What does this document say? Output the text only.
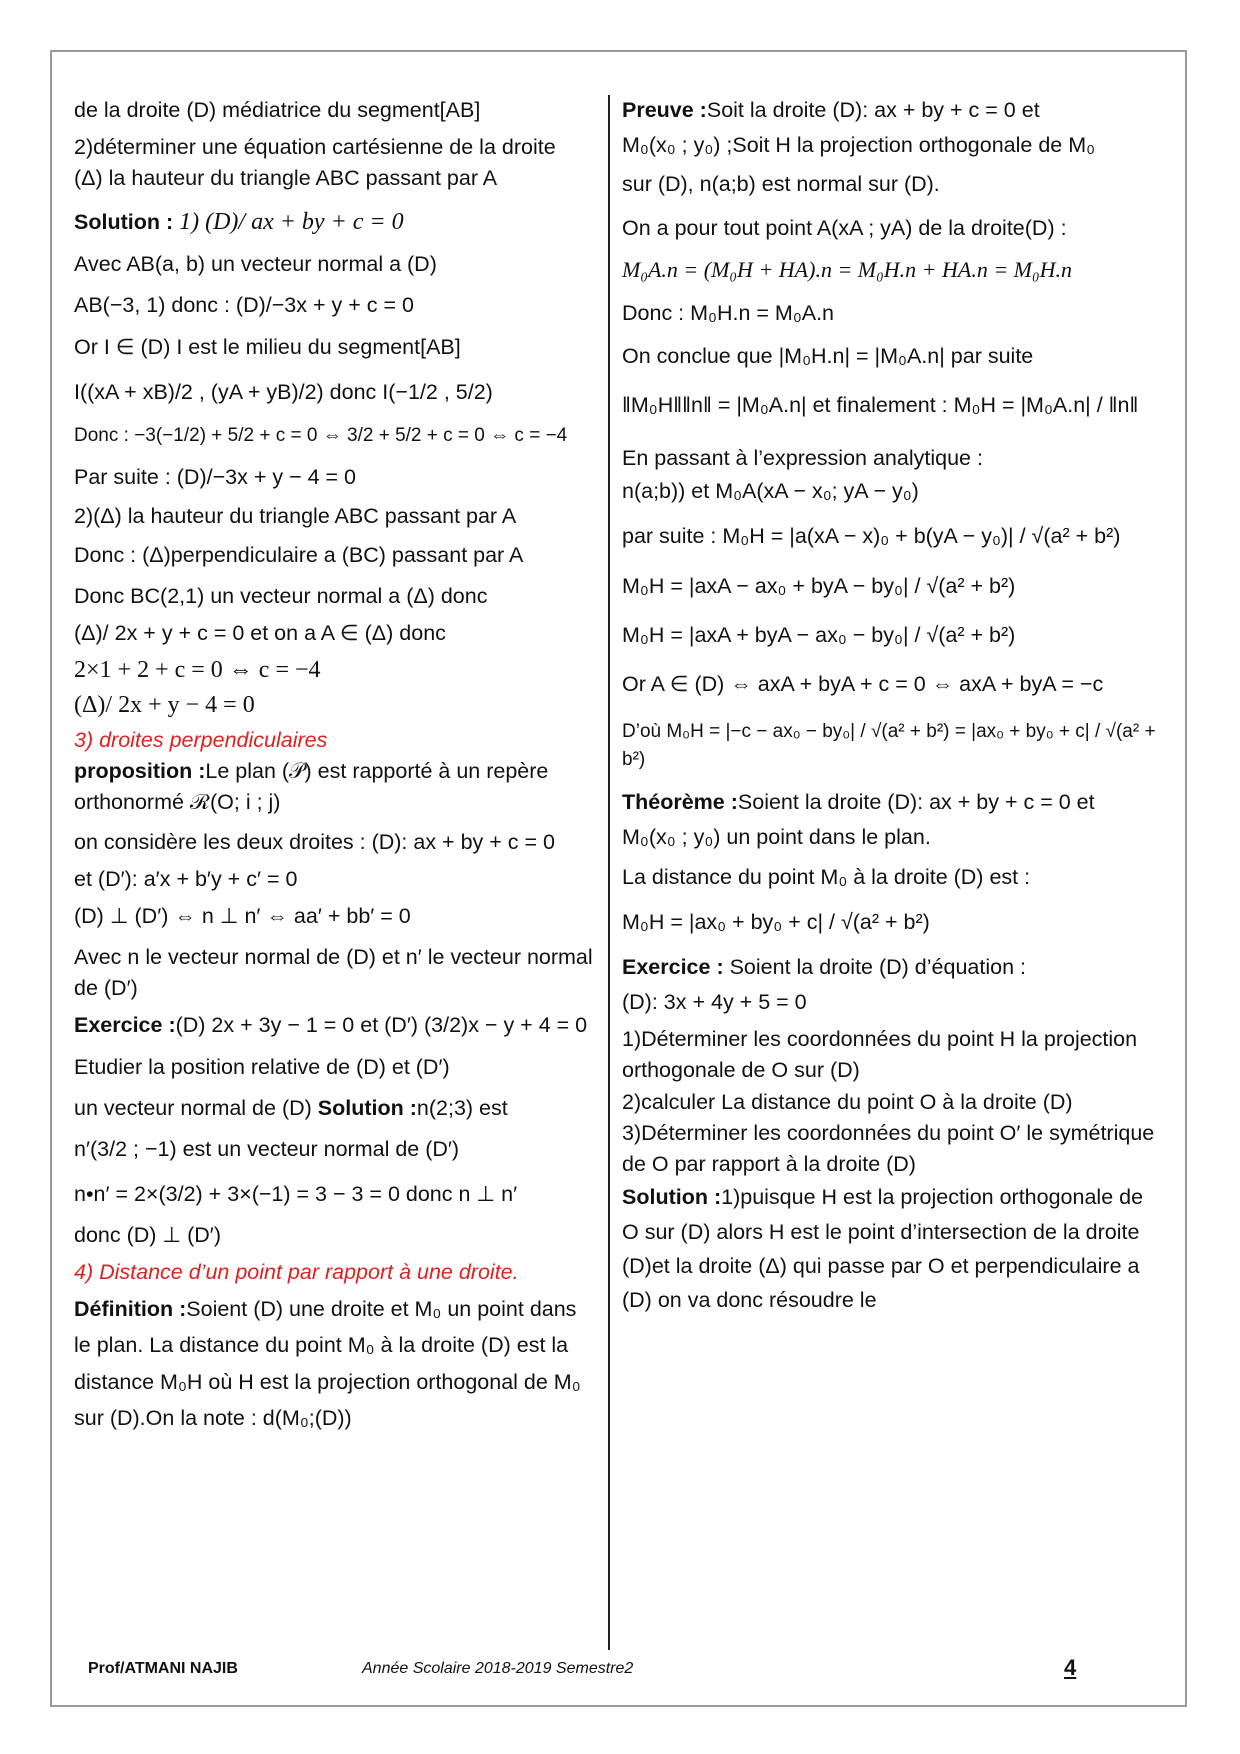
de la droite (D) médiatrice du segment[AB]

2)déterminer une équation cartésienne de la droite

(Δ) la hauteur du triangle ABC passant par A

Solution : 1) (D)/ ax + by + c = 0

Avec AB(a, b) un vecteur normal a (D)

AB(−3, 1) donc : (D)/−3x + y + c = 0

Or I ∈ (D) I est le milieu du segment[AB]

I((xA + xB)/2 , (yA + yB)/2) donc I(−1/2 , 5/2)

Donc : −3(−1/2) + 5/2 + c = 0 ⇔ 3/2 + 5/2 + c = 0 ⇔ c = −4

Par suite : (D)/−3x + y − 4 = 0

2)(Δ) la hauteur du triangle ABC passant par A

Donc : (Δ)perpendiculaire a (BC) passant par A

Donc BC(2,1) un vecteur normal a (Δ) donc

(Δ)/ 2x + y + c = 0 et on a A ∈ (Δ) donc

2×1 + 2 + c = 0 ⇔ c = −4

(Δ)/ 2x + y − 4 = 0

3) droites perpendiculaires

proposition :Le plan (𝒫) est rapporté à un repère orthonormé ℛ(O; i ; j)

on considère les deux droites : (D): ax + by + c = 0

et (D′): a′x + b′y + c′ = 0

(D) ⊥ (D′) ⇔ n ⊥ n′ ⇔ aa′ + bb′ = 0

Avec n le vecteur normal de (D) et n′ le vecteur normal de (D′)

Exercice :(D) 2x + 3y − 1 = 0 et (D′) (3/2)x − y + 4 = 0

Etudier la position relative de (D) et (D′)

un vecteur normal de (D) Solution :n(2;3) est

n′(3/2 ; −1) est un vecteur normal de (D′)

n•n′ = 2×(3/2) + 3×(−1) = 3 − 3 = 0 donc n ⊥ n′

donc (D) ⊥ (D′)

4) Distance d’un point par rapport à une droite.

Définition :Soient (D) une droite et M₀ un point dans le plan. La distance du point M₀ à la droite (D) est la distance M₀H où H est la projection orthogonal de M₀ sur (D).On la note : d(M₀;(D))

Preuve :Soit la droite (D): ax + by + c = 0 et

M₀(x₀ ; y₀) ;Soit H la projection orthogonale de M₀

sur (D), n(a;b) est normal sur (D).

On a pour tout point A(xA ; yA) de la droite(D) :

M₀A.n = (M₀H + HA).n = M₀H.n + HA.n = M₀H.n

Donc : M₀H.n = M₀A.n

On conclue que |M₀H.n| = |M₀A.n| par suite

‖M₀H‖‖n‖ = |M₀A.n| et finalement : M₀H = |M₀A.n| / ‖n‖

En passant à l’expression analytique :

n(a;b)) et M₀A(xA − x₀; yA − y₀)

par suite : M₀H = |a(xA − x)₀ + b(yA − y₀)| / √(a² + b²)

M₀H = |axA − ax₀ + byA − by₀| / √(a² + b²)

M₀H = |axA + byA − ax₀ − by₀| / √(a² + b²)

Or A ∈ (D) ⇔ axA + byA + c = 0 ⇔ axA + byA = −c

D’où M₀H = |−c − ax₀ − by₀| / √(a² + b²) = |ax₀ + by₀ + c| / √(a² + b²)

Théorème :Soient la droite (D): ax + by + c = 0 et

M₀(x₀ ; y₀) un point dans le plan.

La distance du point M₀ à la droite (D) est :

M₀H = |ax₀ + by₀ + c| / √(a² + b²)

Exercice : Soient la droite (D) d’équation :

(D): 3x + 4y + 5 = 0

1)Déterminer les coordonnées du point H la projection orthogonale de O sur (D)

2)calculer La distance du point O à la droite (D)

3)Déterminer les coordonnées du point O′ le symétrique de O par rapport à la droite (D)

Solution :1)puisque H est la projection orthogonale de O sur (D) alors H est le point d’intersection de la droite (D)et la droite (Δ) qui passe par O et perpendiculaire a (D) on va donc résoudre le

Prof/ATMANI NAJIB	Année Scolaire 2018-2019 Semestre2	4
